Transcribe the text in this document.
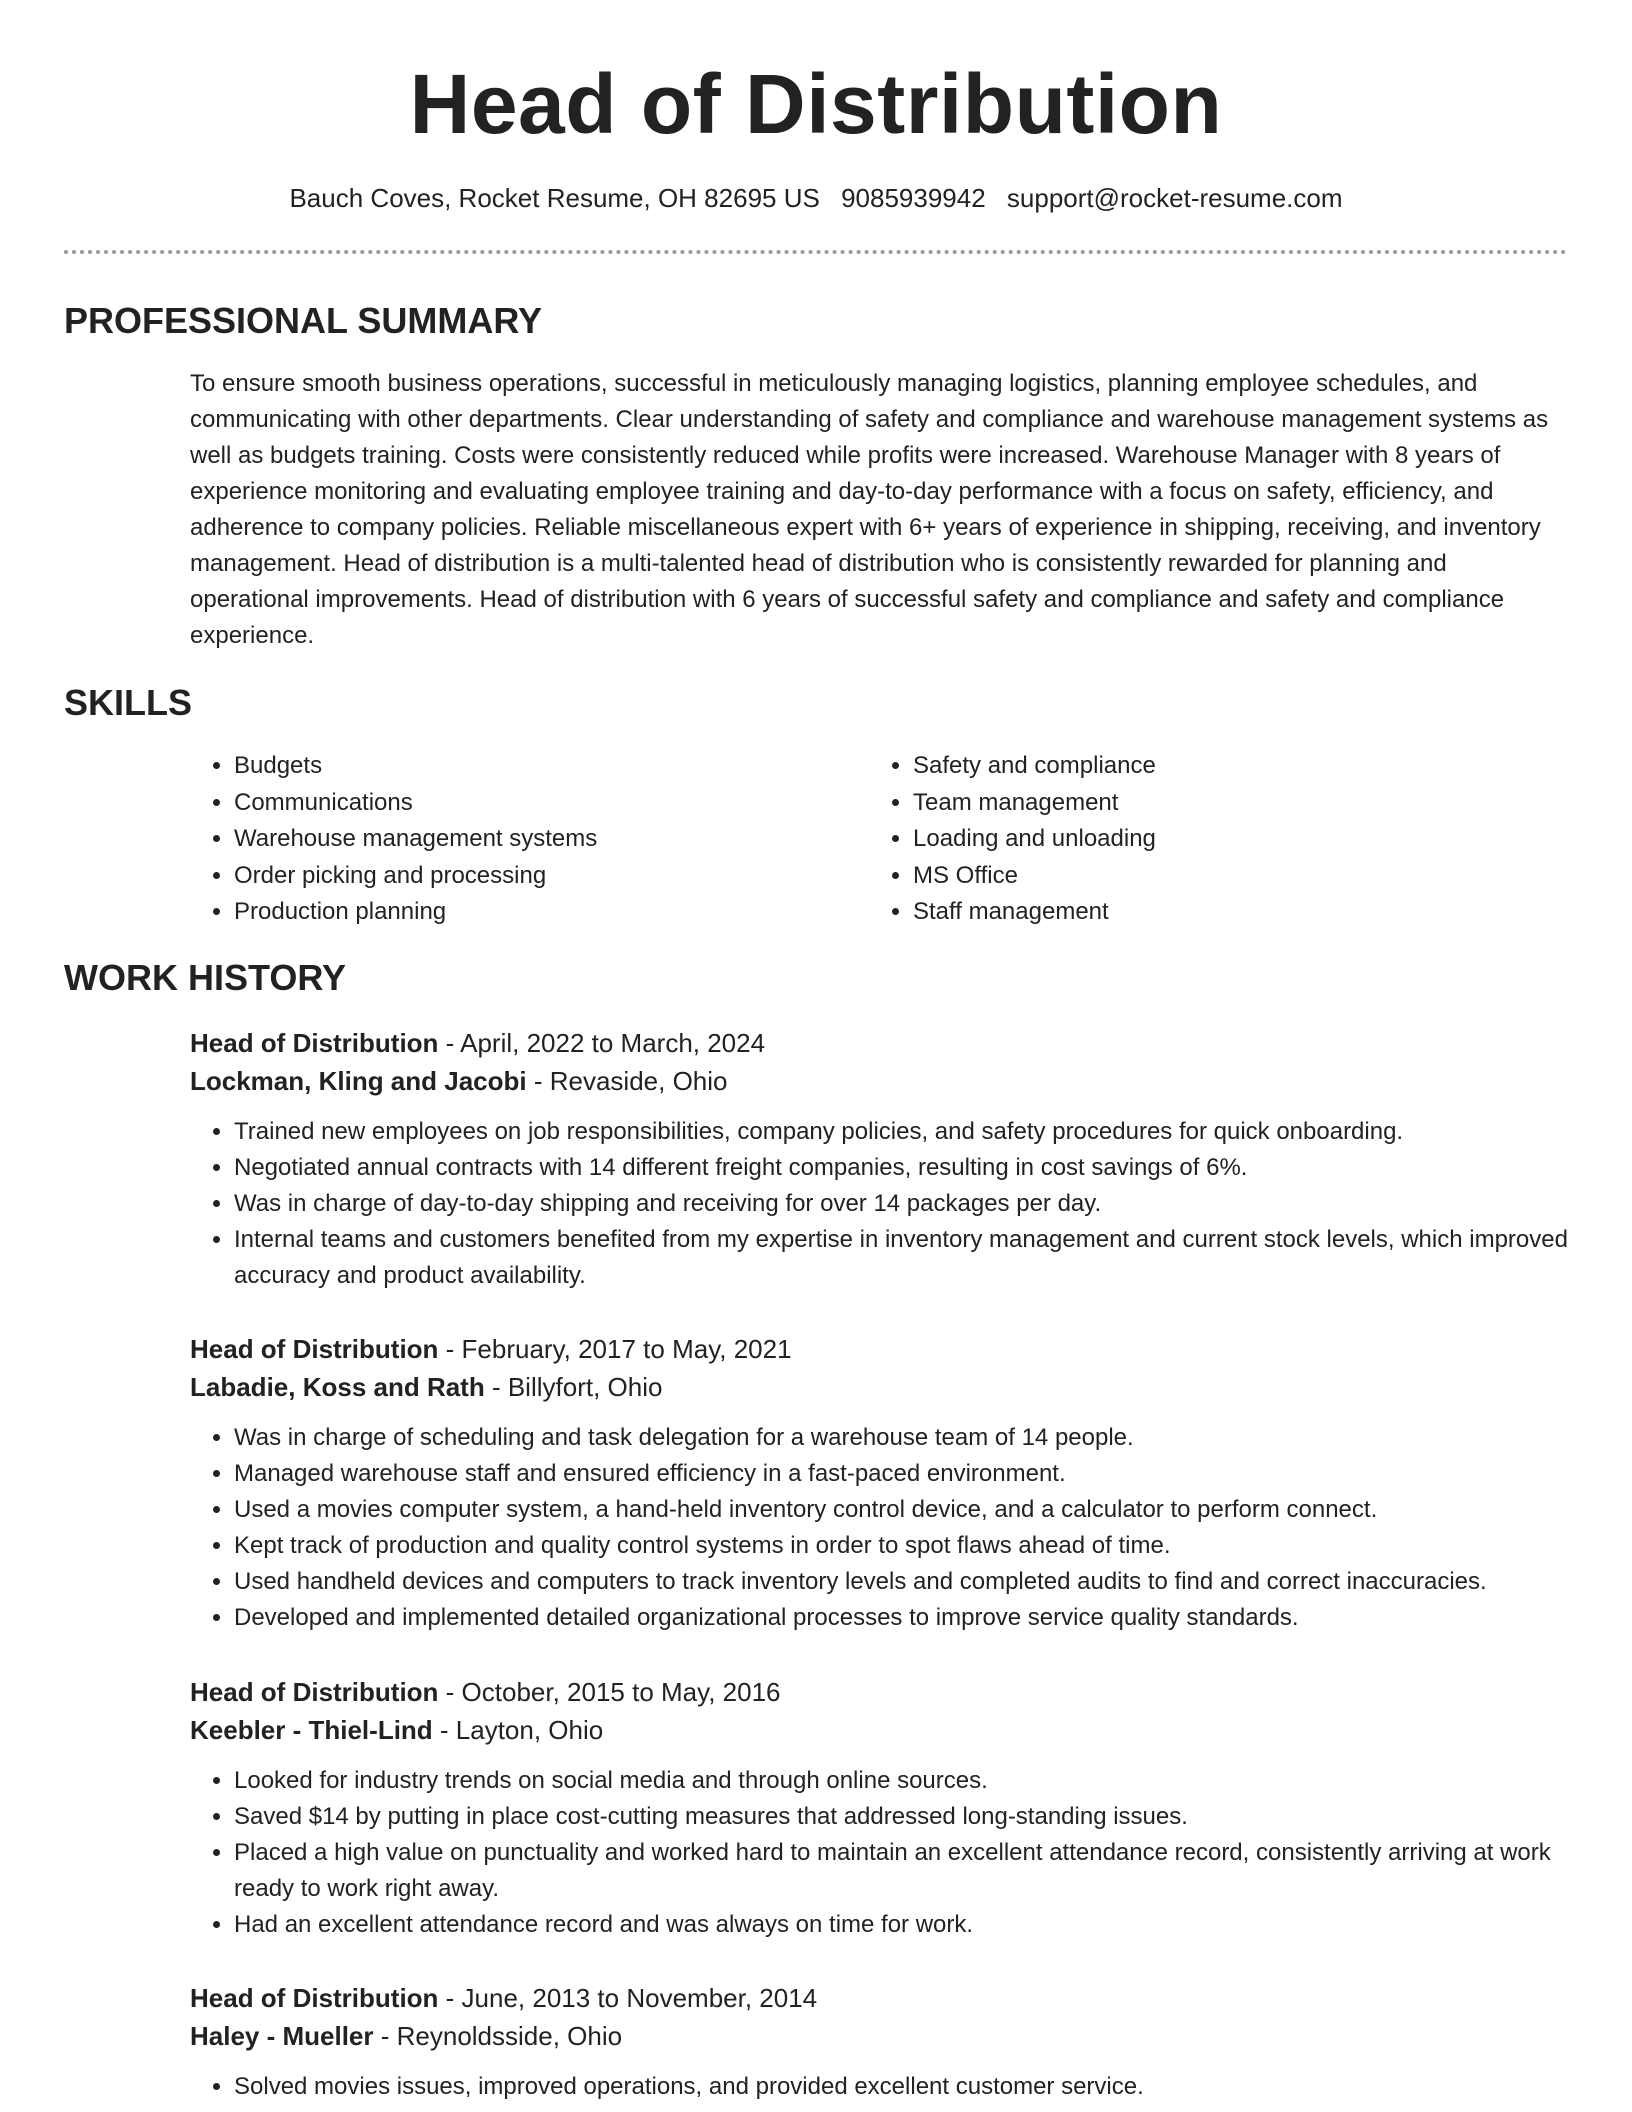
Head of Distribution
Bauch Coves, Rocket Resume, OH 82695 US 9085939942 support@rocket-resume.com
PROFESSIONAL SUMMARY

To ensure smooth business operations, successful in meticulously managing logistics, planning employee schedules, and communicating with other departments. Clear understanding of safety and compliance and warehouse management systems as well as budgets training. Costs were consistently reduced while profits were increased. Warehouse Manager with 8 years of experience monitoring and evaluating employee training and day-to-day performance with a focus on safety, efficiency, and adherence to company policies. Reliable miscellaneous expert with 6+ years of experience in shipping, receiving, and inventory management. Head of distribution is a multi-talented head of distribution who is consistently rewarded for planning and operational improvements. Head of distribution with 6 years of successful safety and compliance and safety and compliance experience.

SKILLS
• Budgets
• Communications
• Warehouse management systems
• Order picking and processing
• Production planning
• Safety and compliance
• Team management
• Loading and unloading
• MS Office
• Staff management
WORK HISTORY

Head of Distribution - April, 2022 to March, 2024

Lockman, Kling and Jacobi - Revaside, Ohio

• Trained new employees on job responsibilities, company policies, and safety procedures for quick onboarding.
• Negotiated annual contracts with 14 different freight companies, resulting in cost savings of 6%.
• Was in charge of day-to-day shipping and receiving for over 14 packages per day.
• Internal teams and customers benefited from my expertise in inventory management and current stock levels, which improved accuracy and product availability.

Head of Distribution - February, 2017 to May, 2021

Labadie, Koss and Rath - Billyfort, Ohio

• Was in charge of scheduling and task delegation for a warehouse team of 14 people.
• Managed warehouse staff and ensured efficiency in a fast-paced environment.
• Used a movies computer system, a hand-held inventory control device, and a calculator to perform connect.
• Kept track of production and quality control systems in order to spot flaws ahead of time.
• Used handheld devices and computers to track inventory levels and completed audits to find and correct inaccuracies.
• Developed and implemented detailed organizational processes to improve service quality standards.

Head of Distribution - October, 2015 to May, 2016

Keebler - Thiel-Lind - Layton, Ohio

• Looked for industry trends on social media and through online sources.
• Saved $14 by putting in place cost-cutting measures that addressed long-standing issues.
• Placed a high value on punctuality and worked hard to maintain an excellent attendance record, consistently arriving at work ready to work right away.
• Had an excellent attendance record and was always on time for work.

Head of Distribution - June, 2013 to November, 2014

Haley - Mueller - Reynoldsside, Ohio

• Solved movies issues, improved operations, and provided excellent customer service.
